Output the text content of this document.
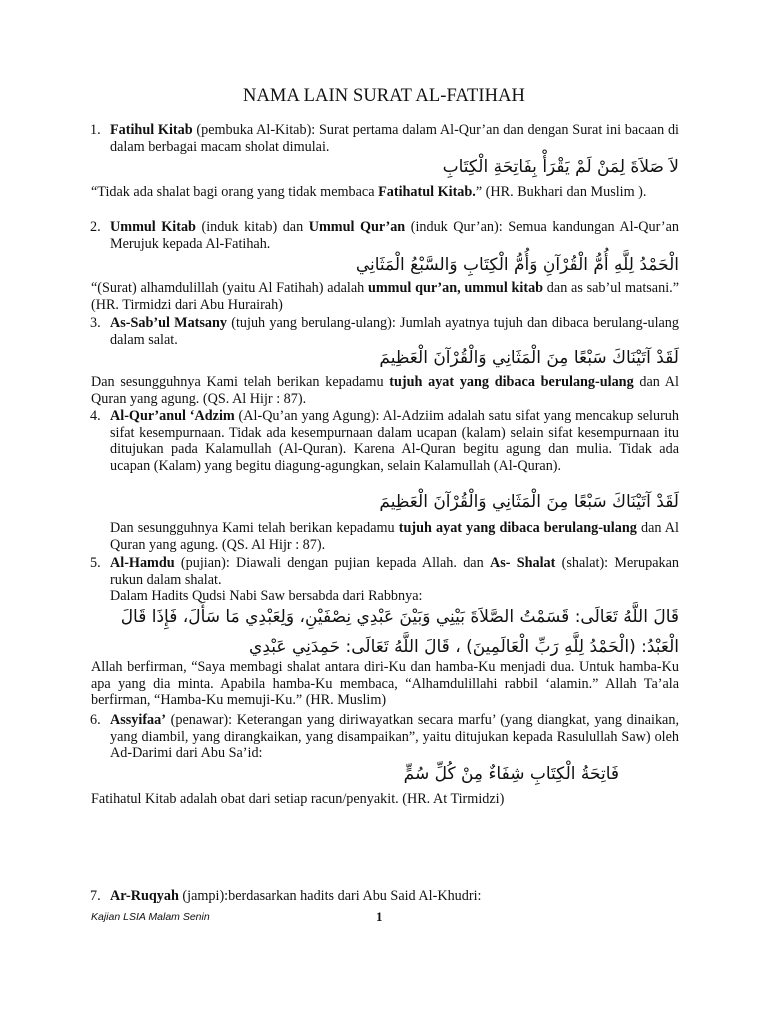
NAMA LAIN SURAT AL-FATIHAH
1. Fatihul Kitab (pembuka Al-Kitab): Surat pertama dalam Al-Qur’an dan dengan Surat ini bacaan di dalam berbagai macam sholat dimulai.
لاَ صَلاَةَ لِمَنْ لَمْ يَقْرَأْ بِفَاتِحَةِ الْكِتَابِ
“Tidak ada shalat bagi orang yang tidak membaca Fatihatul Kitab.” (HR. Bukhari dan Muslim ).
2. Ummul Kitab (induk kitab) dan Ummul Qur’an (induk Qur’an): Semua kandungan Al-Qur’an Merujuk kepada Al-Fatihah.
الْحَمْدُ لِلَّهِ أُمُّ الْقُرْآنِ وَأُمُّ الْكِتَابِ وَالسَّبْعُ الْمَثَانِي
“(Surat) alhamdulillah (yaitu Al Fatihah) adalah ummul qur’an, ummul kitab dan as sab’ul matsani.” (HR. Tirmidzi dari Abu Hurairah)
3. As-Sab’ul Matsany (tujuh yang berulang-ulang): Jumlah ayatnya tujuh dan dibaca berulang-ulang dalam salat.
لَقَدْ آتَيْنَاكَ سَبْعًا مِنَ الْمَثَانِي وَالْقُرْآنَ الْعَظِيمَ
Dan sesungguhnya Kami telah berikan kepadamu tujuh ayat yang dibaca berulang-ulang dan Al Quran yang agung. (QS. Al Hijr : 87).
4. Al-Qur’anul ‘Adzim (Al-Qu’an yang Agung): Al-Adziim adalah satu sifat yang mencakup seluruh sifat kesempurnaan. Tidak ada kesempurnaan dalam ucapan (kalam) selain sifat kesempurnaan itu ditujukan pada Kalamullah (Al-Quran). Karena Al-Quran begitu agung dan mulia. Tidak ada ucapan (Kalam) yang begitu diagung-agungkan, selain Kalamullah (Al-Quran).
لَقَدْ آتَيْنَاكَ سَبْعًا مِنَ الْمَثَانِي وَالْقُرْآنَ الْعَظِيمَ
Dan sesungguhnya Kami telah berikan kepadamu tujuh ayat yang dibaca berulang-ulang dan Al Quran yang agung. (QS. Al Hijr : 87).
5. Al-Hamdu (pujian): Diawali dengan pujian kepada Allah. dan As- Shalat (shalat): Merupakan rukun dalam shalat.
Dalam Hadits Qudsi Nabi Saw bersabda dari Rabbnya:
قَالَ اللَّهُ تَعَالَى: قَسَمْتُ الصَّلاَةَ بَيْنِي وَبَيْنَ عَبْدِي نِصْفَيْنِ، وَلِعَبْدِي مَا سَأَلَ، فَإِذَا قَالَ الْعَبْدُ: (الْحَمْدُ لِلَّهِ رَبِّ الْعَالَمِينَ) ، قَالَ اللَّهُ تَعَالَى: حَمِدَنِي عَبْدِي
Allah berfirman, “Saya membagi shalat antara diri-Ku dan hamba-Ku menjadi dua. Untuk hamba-Ku apa yang dia minta. Apabila hamba-Ku membaca, “Alhamdulillahi rabbil ‘alamin.” Allah Ta’ala berfirman, “Hamba-Ku memuji-Ku.” (HR. Muslim)
6. Assyifaa’ (penawar): Keterangan yang diriwayatkan secara marfu’ (yang diangkat, yang dinaikan, yang diambil, yang dirangkaikan, yang disampaikan”, yaitu ditujukan kepada Rasulullah Saw) oleh Ad-Darimi dari Abu Sa’id:
فَاتِحَةُ الْكِتَابِ شِفَاءٌ مِنْ كُلِّ سُمٍّ
Fatihatul Kitab adalah obat dari setiap racun/penyakit. (HR. At Tirmidzi)
7. Ar-Ruqyah (jampi):berdasarkan hadits dari Abu Said Al-Khudri:
Kajian LSIA Malam Senin	1
